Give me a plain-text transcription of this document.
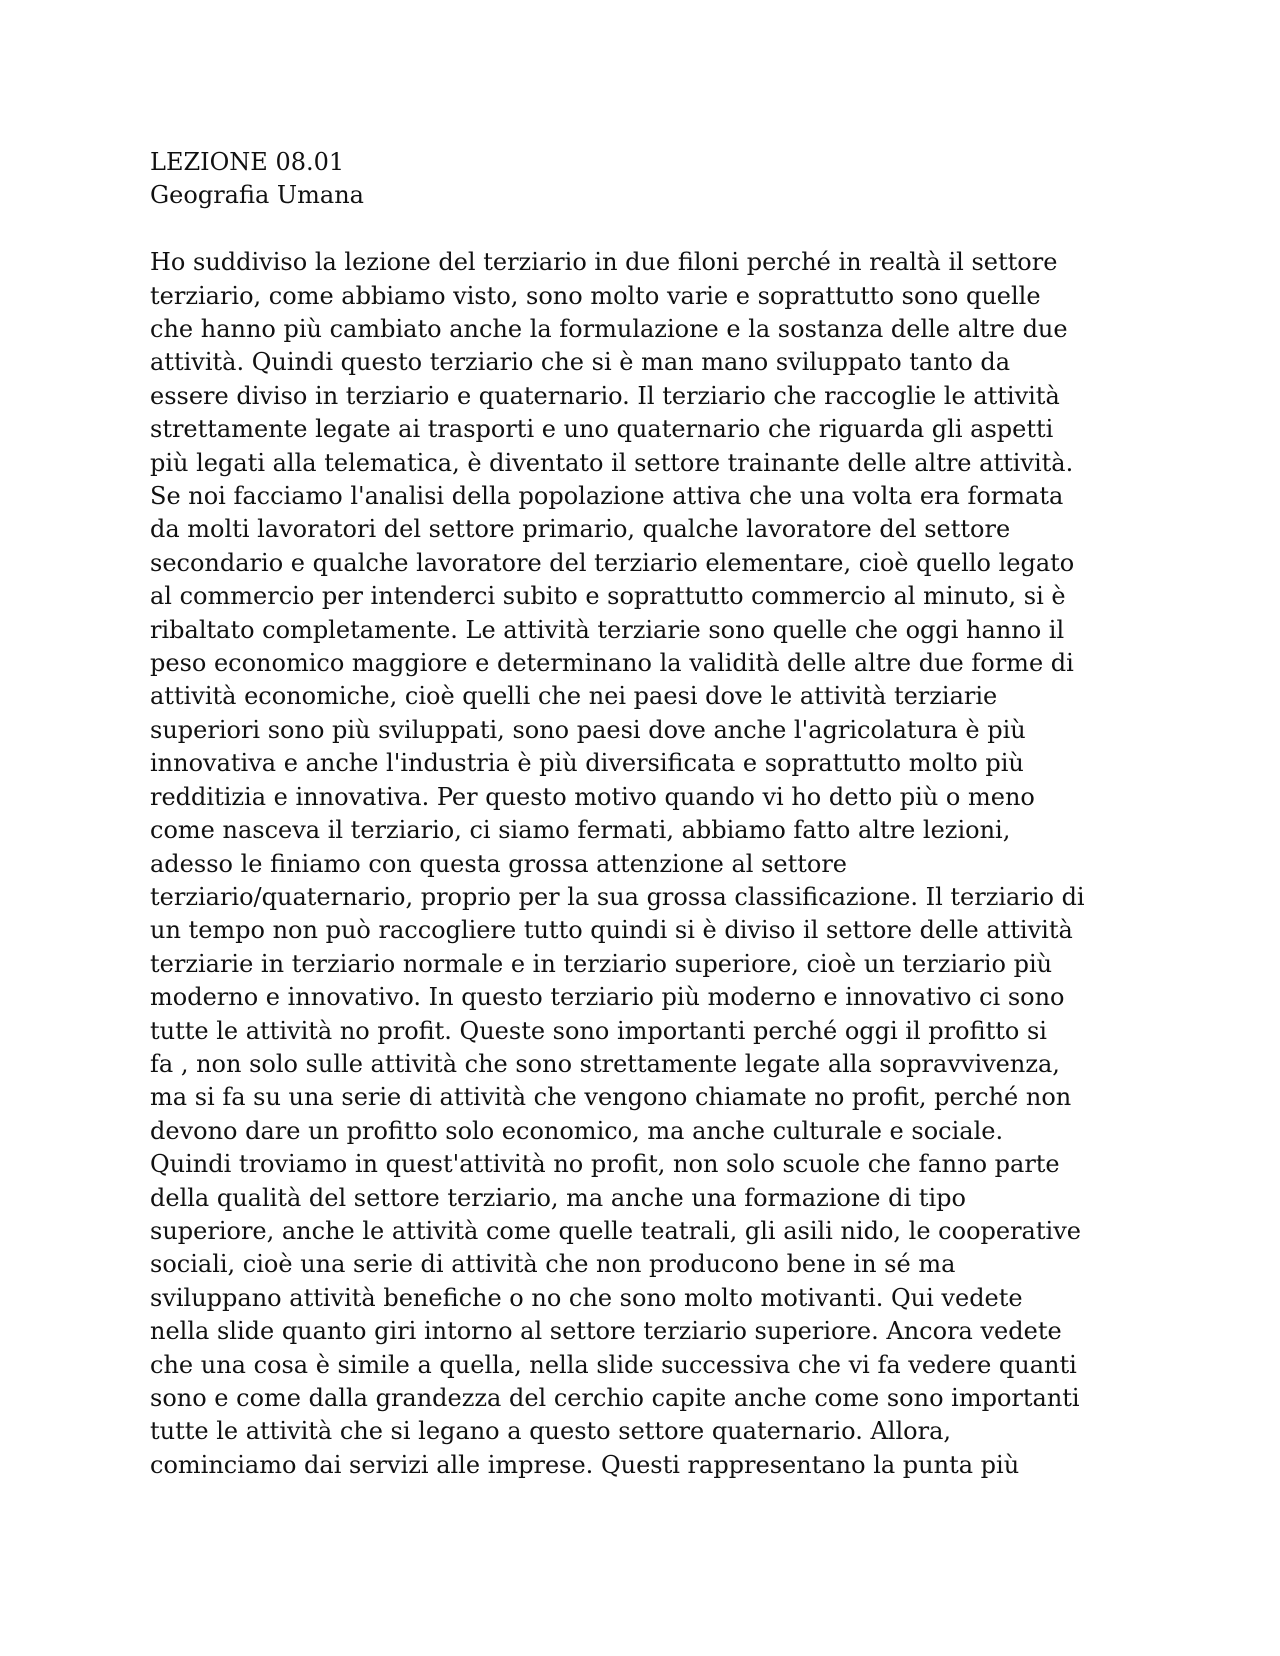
LEZIONE 08.01
Geografia Umana
Ho suddiviso la lezione del terziario in due filoni perché in realtà il settore
terziario, come abbiamo visto, sono molto varie e soprattutto sono quelle
che hanno più cambiato anche la formulazione e la sostanza delle altre due
attività. Quindi questo terziario che si è man mano sviluppato tanto da
essere diviso in terziario e quaternario. Il terziario che raccoglie le attività
strettamente legate ai trasporti e uno quaternario che riguarda gli aspetti
più legati alla telematica, è diventato il settore trainante delle altre attività.
Se noi facciamo l'analisi della popolazione attiva che una volta era formata
da molti lavoratori del settore primario, qualche lavoratore del settore
secondario e qualche lavoratore del terziario elementare, cioè quello legato
al commercio per intenderci subito e soprattutto commercio al minuto, si è
ribaltato completamente. Le attività terziarie sono quelle che oggi hanno il
peso economico maggiore e determinano la validità delle altre due forme di
attività economiche, cioè quelli che nei paesi dove le attività terziarie
superiori sono più sviluppati, sono paesi dove anche l'agricolatura è più
innovativa e anche l'industria è più diversificata e soprattutto molto più
redditizia e innovativa. Per questo motivo quando vi ho detto più o meno
come nasceva il terziario, ci siamo fermati, abbiamo fatto altre lezioni,
adesso le finiamo con questa grossa attenzione al settore
terziario/quaternario, proprio per la sua grossa classificazione. Il terziario di
un tempo non può raccogliere tutto quindi si è diviso il settore delle attività
terziarie in terziario normale e in terziario superiore, cioè un terziario più
moderno e innovativo. In questo terziario più moderno e innovativo ci sono
tutte le attività no profit. Queste sono importanti perché oggi il profitto si
fa , non solo sulle attività che sono strettamente legate alla sopravvivenza,
ma si fa su una serie di attività che vengono chiamate no profit, perché non
devono dare un profitto solo economico, ma anche culturale e sociale.
Quindi troviamo in quest'attività no profit, non solo scuole che fanno parte
della qualità del settore terziario, ma anche una formazione di tipo
superiore, anche le attività come quelle teatrali, gli asili nido, le cooperative
sociali, cioè una serie di attività che non producono bene in sé ma
sviluppano attività benefiche o no che sono molto motivanti. Qui vedete
nella slide quanto giri intorno al settore terziario superiore. Ancora vedete
che una cosa è simile a quella, nella slide successiva che vi fa vedere quanti
sono e come dalla grandezza del cerchio capite anche come sono importanti
tutte le attività che si legano a questo settore quaternario. Allora,
cominciamo dai servizi alle imprese. Questi rappresentano la punta più
